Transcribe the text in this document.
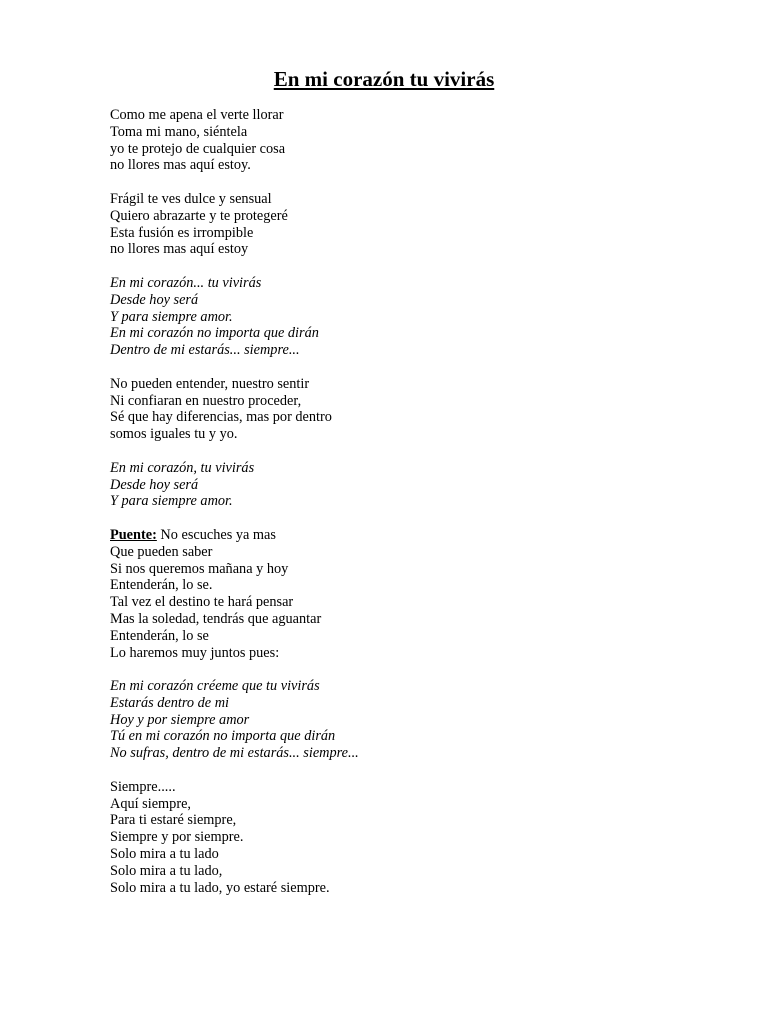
En mi corazón tu vivirás
Como me apena el verte llorar
Toma mi mano, siéntela
yo te protejo de cualquier cosa
no llores mas aquí estoy.
Frágil te ves dulce y sensual
Quiero abrazarte y te protegeré
Esta fusión es irrompible
no llores mas aquí estoy
En mi corazón... tu vivirás
Desde hoy será
Y para siempre amor.
En mi corazón no importa que dirán
Dentro de mi estarás... siempre...
No pueden entender, nuestro sentir
Ni confiaran en nuestro proceder,
Sé que hay diferencias, mas por dentro
somos iguales tu y yo.
En mi corazón, tu vivirás
Desde hoy será
Y para siempre amor.
Puente: No escuches ya mas
Que pueden saber
Si nos queremos mañana y hoy
Entenderán, lo se.
Tal vez el destino te hará pensar
Mas la soledad, tendrás que aguantar
Entenderán, lo se
Lo haremos muy juntos pues:
En mi corazón créeme que tu vivirás
Estarás dentro de mi
Hoy y por siempre amor
Tú en mi corazón no importa que dirán
No sufras, dentro de mi estarás... siempre...
Siempre.....
Aquí siempre,
Para ti estaré siempre,
Siempre y por siempre.
Solo mira a tu lado
Solo mira a tu lado,
Solo mira a tu lado, yo estaré siempre.
